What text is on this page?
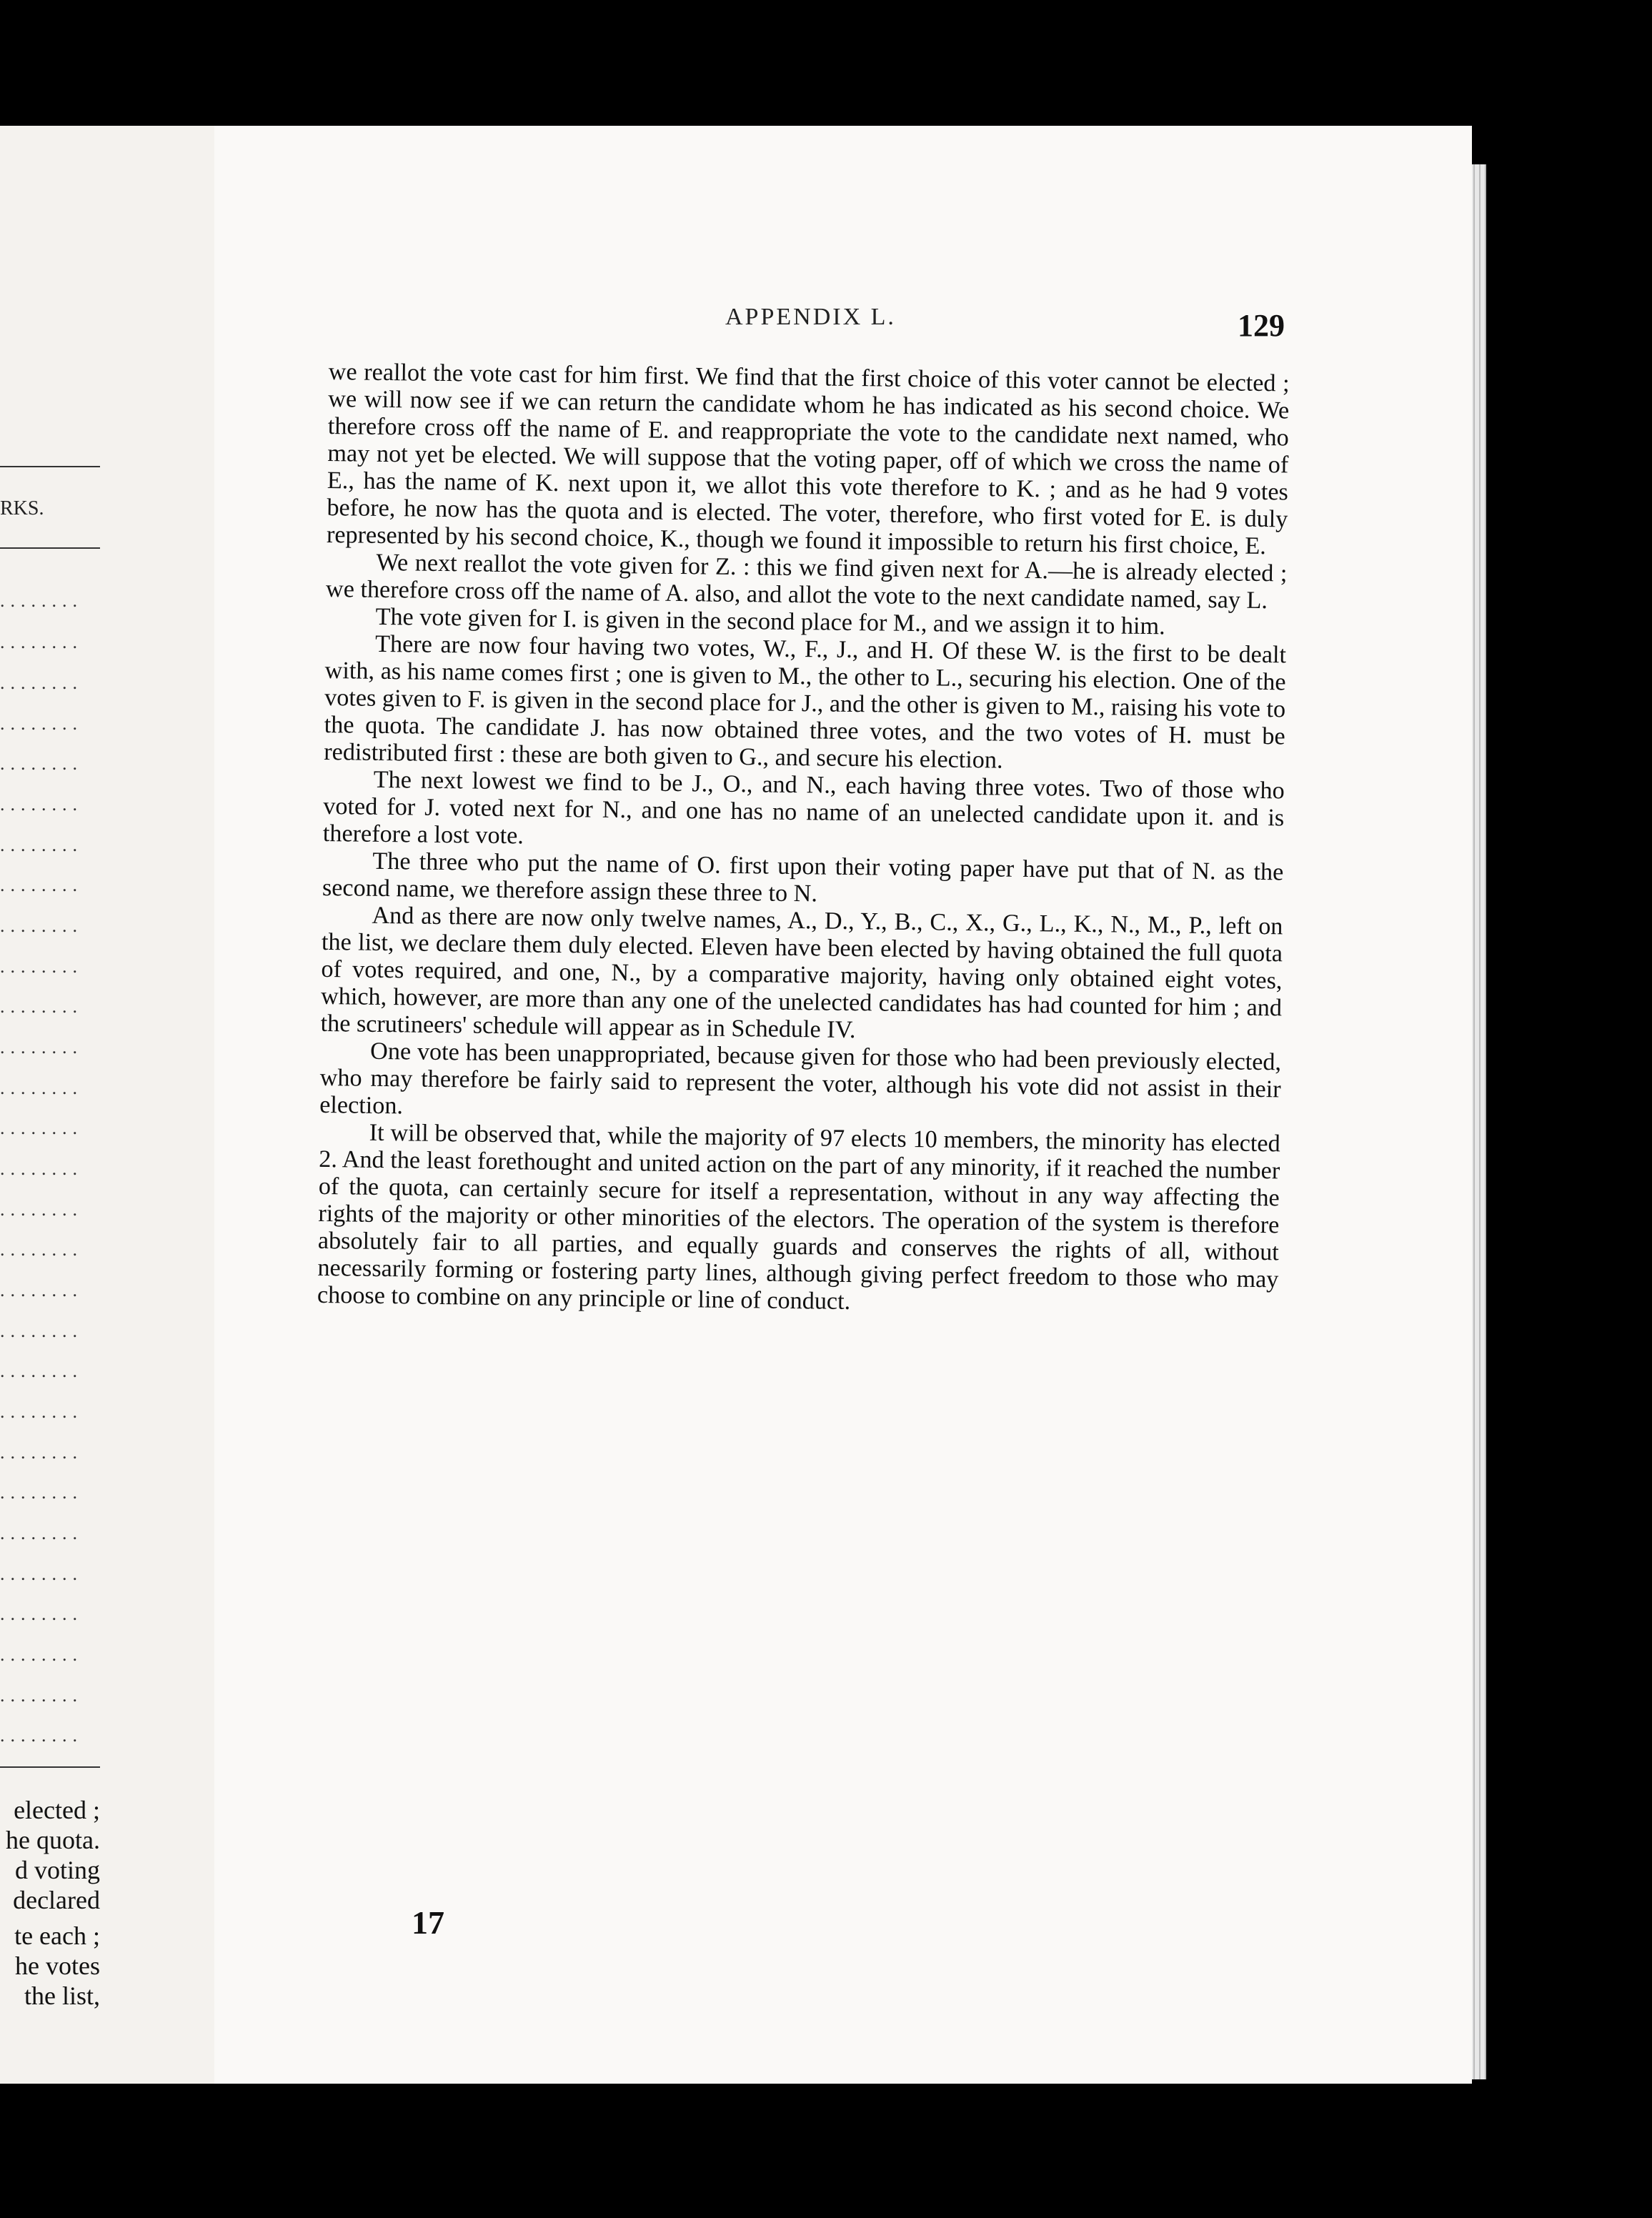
RKS.
........
........
........
........
........
........
........
........
........
........
........
........
........
........
........
........
........
........
........
........
........
........
........
........
........
........
........
........
........
elected ;
he quota.
d voting
declared
te each ;
he votes
the list,
APPENDIX L.	129

we reallot the vote cast for him first. We find that the first choice of this voter cannot be elected ; we will now see if we can return the candidate whom he has indicated as his second choice. We therefore cross off the name of E. and reappropriate the vote to the candidate next named, who may not yet be elected. We will suppose that the voting paper, off of which we cross the name of E., has the name of K. next upon it, we allot this vote therefore to K. ; and as he had 9 votes before, he now has the quota and is elected. The voter, therefore, who first voted for E. is duly represented by his second choice, K., though we found it impossible to return his first choice, E.

We next reallot the vote given for Z. : this we find given next for A.—he is already elected ; we therefore cross off the name of A. also, and allot the vote to the next candidate named, say L.

The vote given for I. is given in the second place for M., and we assign it to him.

There are now four having two votes, W., F., J., and H. Of these W. is the first to be dealt with, as his name comes first ; one is given to M., the other to L., securing his election. One of the votes given to F. is given in the second place for J., and the other is given to M., raising his vote to the quota. The candidate J. has now obtained three votes, and the two votes of H. must be redistributed first : these are both given to G., and secure his election.

The next lowest we find to be J., O., and N., each having three votes. Two of those who voted for J. voted next for N., and one has no name of an unelected candidate upon it. and is therefore a lost vote.

The three who put the name of O. first upon their voting paper have put that of N. as the second name, we therefore assign these three to N.

And as there are now only twelve names, A., D., Y., B., C., X., G., L., K., N., M., P., left on the list, we declare them duly elected. Eleven have been elected by having obtained the full quota of votes required, and one, N., by a comparative majority, having only obtained eight votes, which, however, are more than any one of the unelected candidates has had counted for him ; and the scrutineers' schedule will appear as in Schedule IV.

One vote has been unappropriated, because given for those who had been previously elected, who may therefore be fairly said to represent the voter, although his vote did not assist in their election.

It will be observed that, while the majority of 97 elects 10 members, the minority has elected 2. And the least forethought and united action on the part of any minority, if it reached the number of the quota, can certainly secure for itself a representation, without in any way affecting the rights of the majority or other minorities of the electors. The operation of the system is therefore absolutely fair to all parties, and equally guards and conserves the rights of all, without necessarily forming or fostering party lines, although giving perfect freedom to those who may choose to combine on any principle or line of conduct.

17
